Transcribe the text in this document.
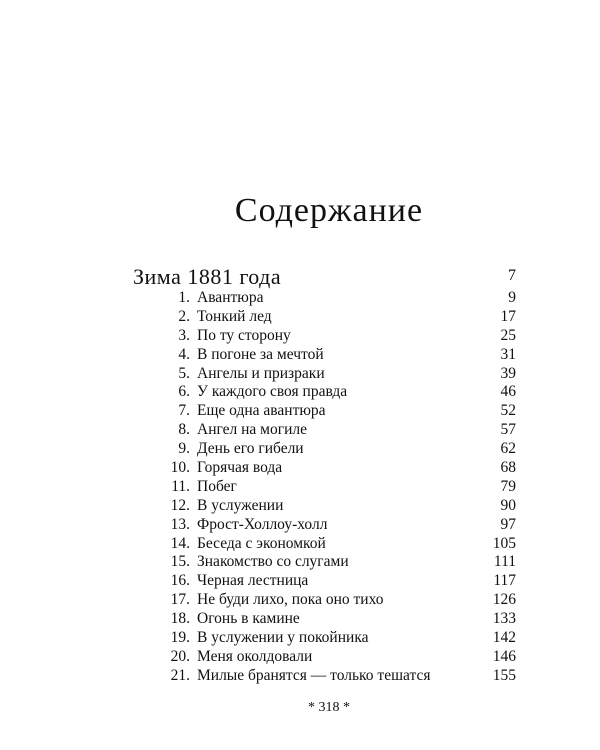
Содержание
Зима 1881 года	7
1. Авантюра	9
2. Тонкий лед	17
3. По ту сторону	25
4. В погоне за мечтой	31
5. Ангелы и призраки	39
6. У каждого своя правда	46
7. Еще одна авантюра	52
8. Ангел на могиле	57
9. День его гибели	62
10. Горячая вода	68
11. Побег	79
12. В услужении	90
13. Фрост-Холлоу-холл	97
14. Беседа с экономкой	105
15. Знакомство со слугами	111
16. Черная лестница	117
17. Не буди лихо, пока оно тихо	126
18. Огонь в камине	133
19. В услужении у покойника	142
20. Меня околдовали	146
21. Милые бранятся — только тешатся	155
* 318 *
